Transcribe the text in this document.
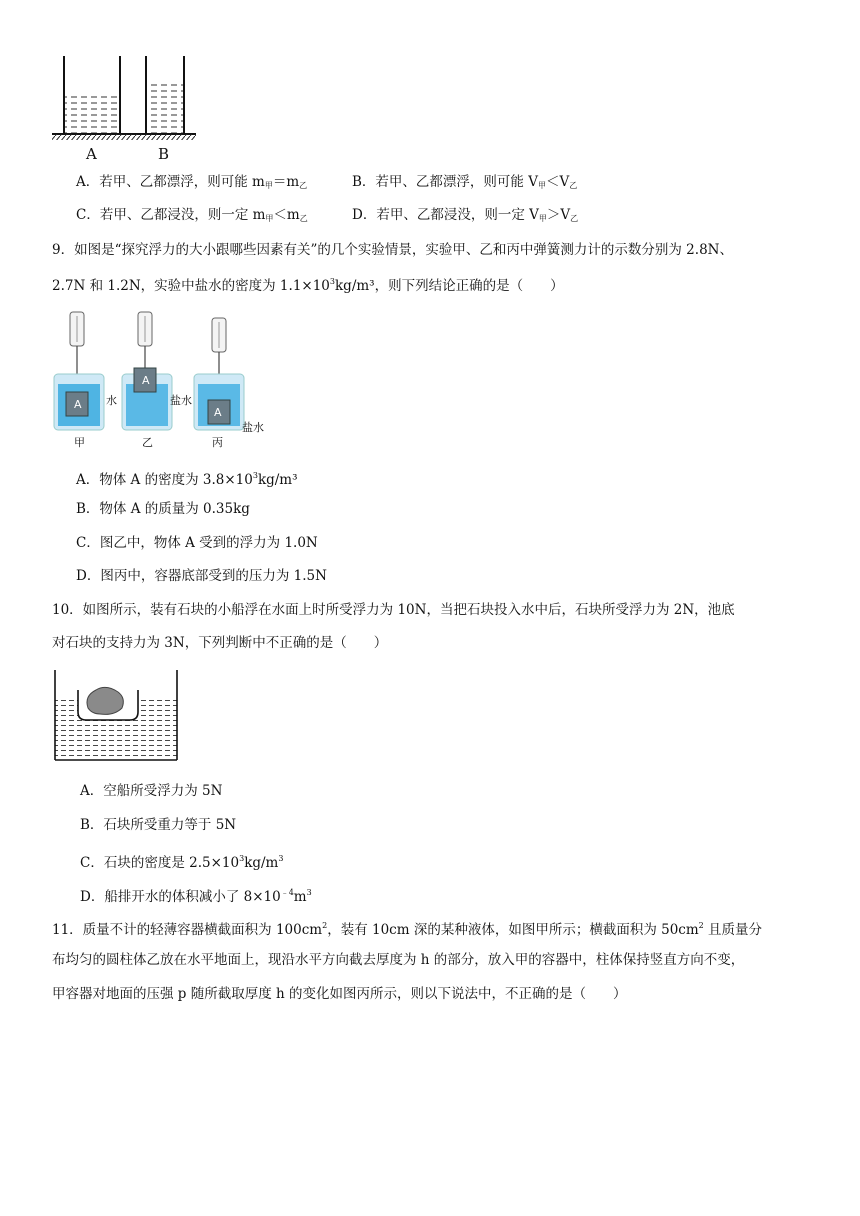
A	B
A．若甲、乙都漂浮，则可能 $m_甲=m_乙$	B．若甲、乙都漂浮，则可能 $V_甲<V_乙$
C．若甲、乙都浸没，则一定 $m_甲<m_乙$	D．若甲、乙都浸没，则一定 $V_甲>V_乙$
9．如图是“探究浮力的大小跟哪些因素有关”的几个实验情景，实验甲、乙和丙中弹簧测力计的示数分别为 2.8N、
2.7N 和 1.2N，实验中盐水的密度为 $1.1\times 10^3kg/m^3$，则下列结论正确的是（　　）
A
A
A
水	盐水
盐水
甲	乙	丙
A．物体 A 的密度为 $3.8\times 10^3kg/m^3$
B．物体 A 的质量为 0.35kg
C．图乙中，物体 A 受到的浮力为 1.0N
D．图丙中，容器底部受到的压力为 1.5N
10．如图所示，装有石块的小船浮在水面上时所受浮力为 10N，当把石块投入水中后，石块所受浮力为 2N，池底
对石块的支持力为 3N，下列判断中不正确的是（　　）
A．空船所受浮力为 5N
B．石块所受重力等于 5N
C．石块的密度是 $2.5\times 10^3kg/m^3$
D．船排开水的体积减小了 $8\times 10^{﹣4}m^3$
11．质量不计的轻薄容器横截面积为 $100cm^2$，装有 10cm 深的某种液体，如图甲所示；横截面积为 $50cm^2$ 且质量分
布均匀的圆柱体乙放在水平地面上，现沿水平方向截去厚度为 h 的部分，放入甲的容器中，柱体保持竖直方向不变，
甲容器对地面的压强 p 随所截取厚度 h 的变化如图丙所示，则以下说法中，不正确的是（　　）
